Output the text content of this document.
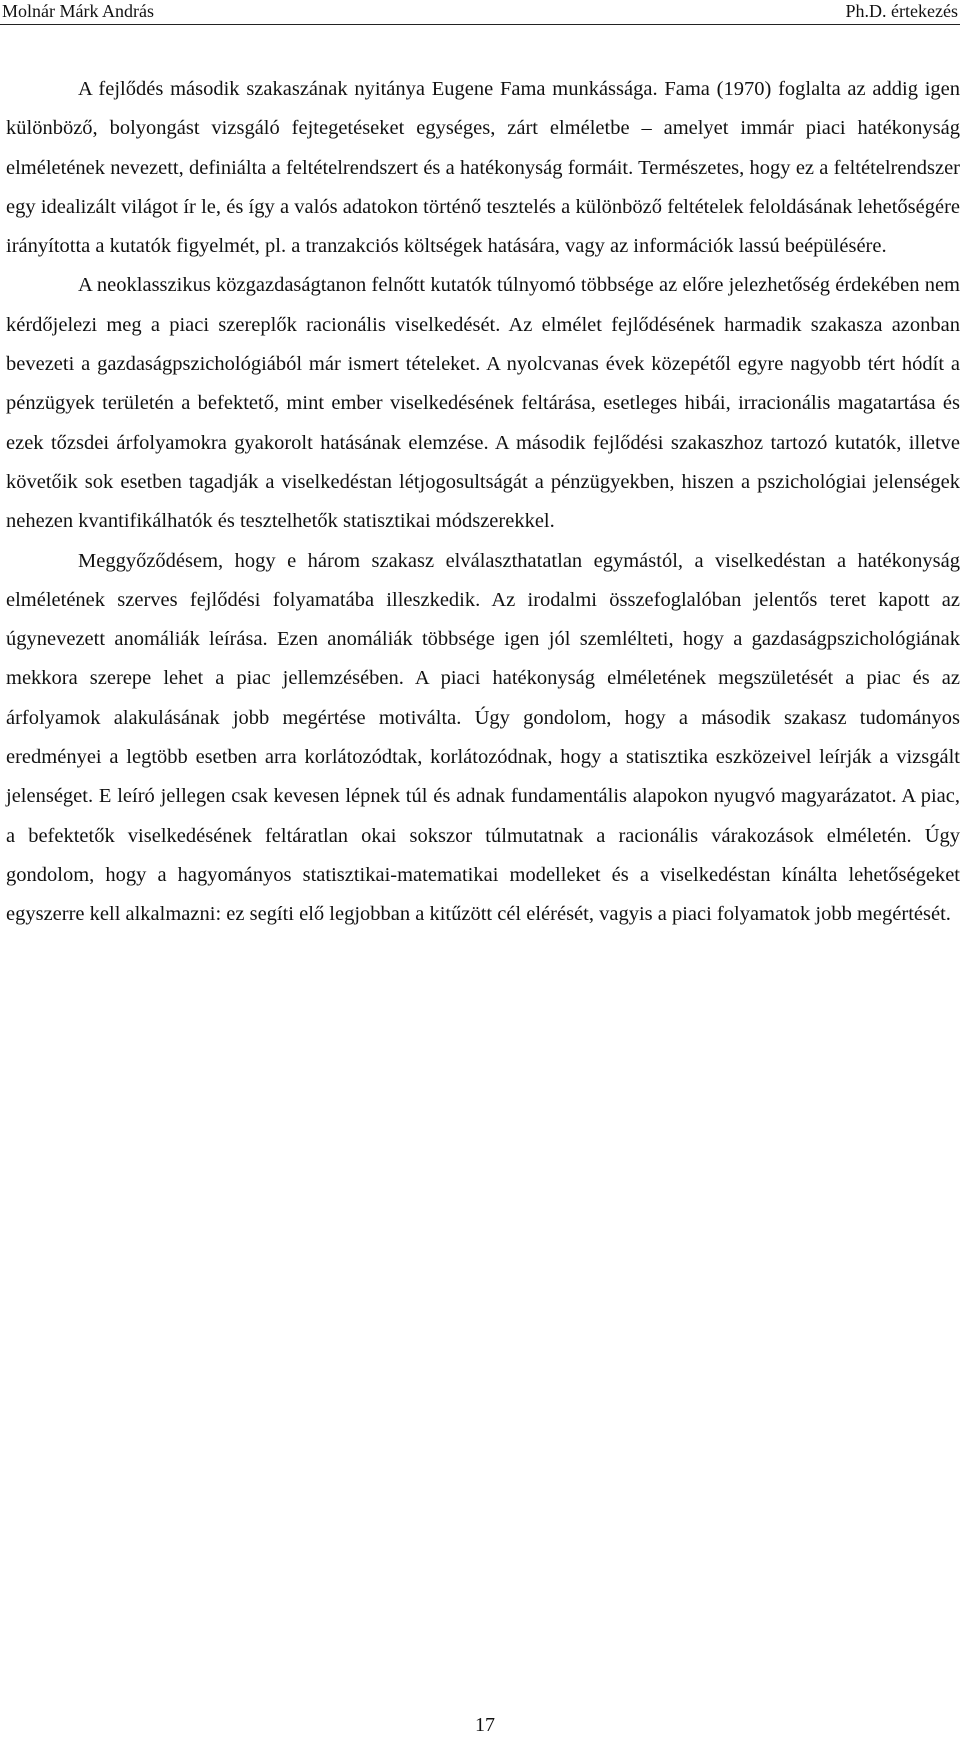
Molnár Márk András	Ph.D. értekezés

A fejlődés második szakaszának nyitánya Eugene Fama munkássága. Fama (1970) foglalta az addig igen különböző, bolyongást vizsgáló fejtegetéseket egységes, zárt elméletbe – amelyet immár piaci hatékonyság elméletének nevezett, definiálta a feltételrendszert és a hatékonyság formáit. Természetes, hogy ez a feltételrendszer egy idealizált világot ír le, és így a valós adatokon történő tesztelés a különböző feltételek feloldásának lehetőségére irányította a kutatók figyelmét, pl. a tranzakciós költségek hatására, vagy az információk lassú beépülésére.

A neoklasszikus közgazdaságtanon felnőtt kutatók túlnyomó többsége az előre jelezhetőség érdekében nem kérdőjelezi meg a piaci szereplők racionális viselkedését. Az elmélet fejlődésének harmadik szakasza azonban bevezeti a gazdaságpszichológiából már ismert tételeket. A nyolcvanas évek közepétől egyre nagyobb tért hódít a pénzügyek területén a befektető, mint ember viselkedésének feltárása, esetleges hibái, irracionális magatartása és ezek tőzsdei árfolyamokra gyakorolt hatásának elemzése. A második fejlődési szakaszhoz tartozó kutatók, illetve követőik sok esetben tagadják a viselkedéstan létjogosultságát a pénzügyekben, hiszen a pszichológiai jelenségek nehezen kvantifikálhatók és tesztelhetők statisztikai módszerekkel.

Meggyőződésem, hogy e három szakasz elválaszthatatlan egymástól, a viselkedéstan a hatékonyság elméletének szerves fejlődési folyamatába illeszkedik. Az irodalmi összefoglalóban jelentős teret kapott az úgynevezett anomáliák leírása. Ezen anomáliák többsége igen jól szemlélteti, hogy a gazdaságpszichológiának mekkora szerepe lehet a piac jellemzésében. A piaci hatékonyság elméletének megszületését a piac és az árfolyamok alakulásának jobb megértése motiválta. Úgy gondolom, hogy a második szakasz tudományos eredményei a legtöbb esetben arra korlátozódtak, korlátozódnak, hogy a statisztika eszközeivel leírják a vizsgált jelenséget. E leíró jellegen csak kevesen lépnek túl és adnak fundamentális alapokon nyugvó magyarázatot. A piac, a befektetők viselkedésének feltáratlan okai sokszor túlmutatnak a racionális várakozások elméletén. Úgy gondolom, hogy a hagyományos statisztikai-matematikai modelleket és a viselkedéstan kínálta lehetőségeket egyszerre kell alkalmazni: ez segíti elő legjobban a kitűzött cél elérését, vagyis a piaci folyamatok jobb megértését.

17
